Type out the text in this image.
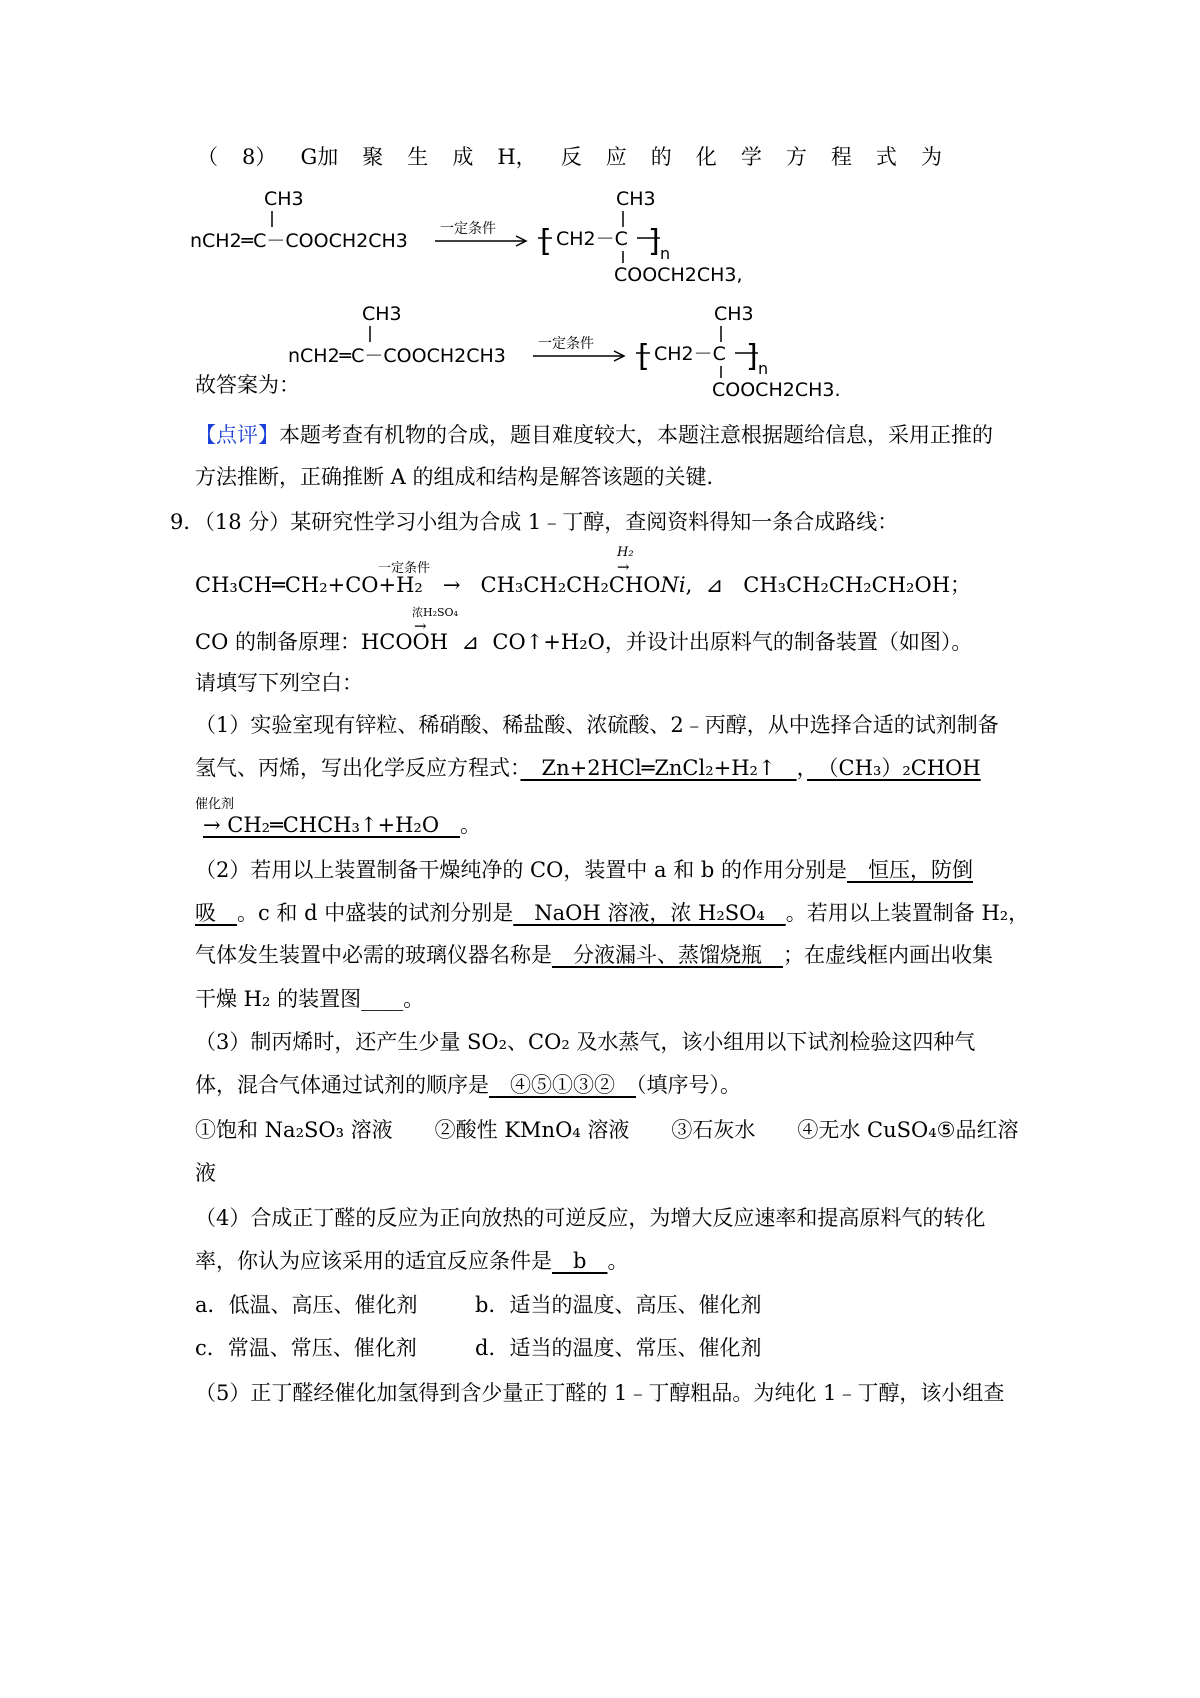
（ 8） G加 聚 生 成 H， 反 应 的 化 学 方 程 式 为
CH3
nCH2═C－COOCH2CH3
一定条件 [ CH2－C
CH3
] n
COOCH2CH3,
故答案为：
CH3
nCH2═C－COOCH2CH3
一定条件 [ CH2－C
CH3
] n
COOCH2CH3.
【点评】本题考查有机物的合成，题目难度较大，本题注意根据题给信息，采用正推的
方法推断，正确推断 A 的组成和结构是解答该题的关键．
9．（18 分）某研究性学习小组为合成 1﹣丁醇，查阅资料得知一条合成路线：
一定条件
H₂
→
CH₃CH═CH₂+CO+H₂ → CH₃CH₂CH₂CHONi,  ⊿ CH₃CH₂CH₂CH₂OH；
浓H₂SO₄
→
CO 的制备原理：HCOOH ⊿ CO↑+H₂O，并设计出原料气的制备装置（如图）。
请填写下列空白：
（1）实验室现有锌粒、稀硝酸、稀盐酸、浓硫酸、2﹣丙醇，从中选择合适的试剂制备
氢气、丙烯，写出化学反应方程式：　Zn+2HCl═ZnCl₂+H₂↑　，　（CH₃）₂CHOH
催化剂
→ CH₂═CHCH₃↑+H₂O　。
（2）若用以上装置制备干燥纯净的 CO，装置中 a 和 b 的作用分别是　恒压，防倒
吸　。c 和 d 中盛装的试剂分别是　NaOH 溶液，浓 H₂SO₄　。若用以上装置制备 H₂，
气体发生装置中必需的玻璃仪器名称是　分液漏斗、蒸馏烧瓶　；在虚线框内画出收集
干燥 H₂ 的装置图____。
（3）制丙烯时，还产生少量 SO₂、CO₂ 及水蒸气，该小组用以下试剂检验这四种气
体，混合气体通过试剂的顺序是　④⑤①③②　（填序号）。
①饱和 Na₂SO₃ 溶液　　②酸性 KMnO₄ 溶液　　③石灰水　　④无水 CuSO₄⑤品红溶
液
（4）合成正丁醛的反应为正向放热的可逆反应，为增大反应速率和提高原料气的转化
率，你认为应该采用的适宜反应条件是　b　。
a．低温、高压、催化剂	b．适当的温度、高压、催化剂
c．常温、常压、催化剂	d．适当的温度、常压、催化剂
（5）正丁醛经催化加氢得到含少量正丁醛的 1﹣丁醇粗品。为纯化 1﹣丁醇，该小组查
